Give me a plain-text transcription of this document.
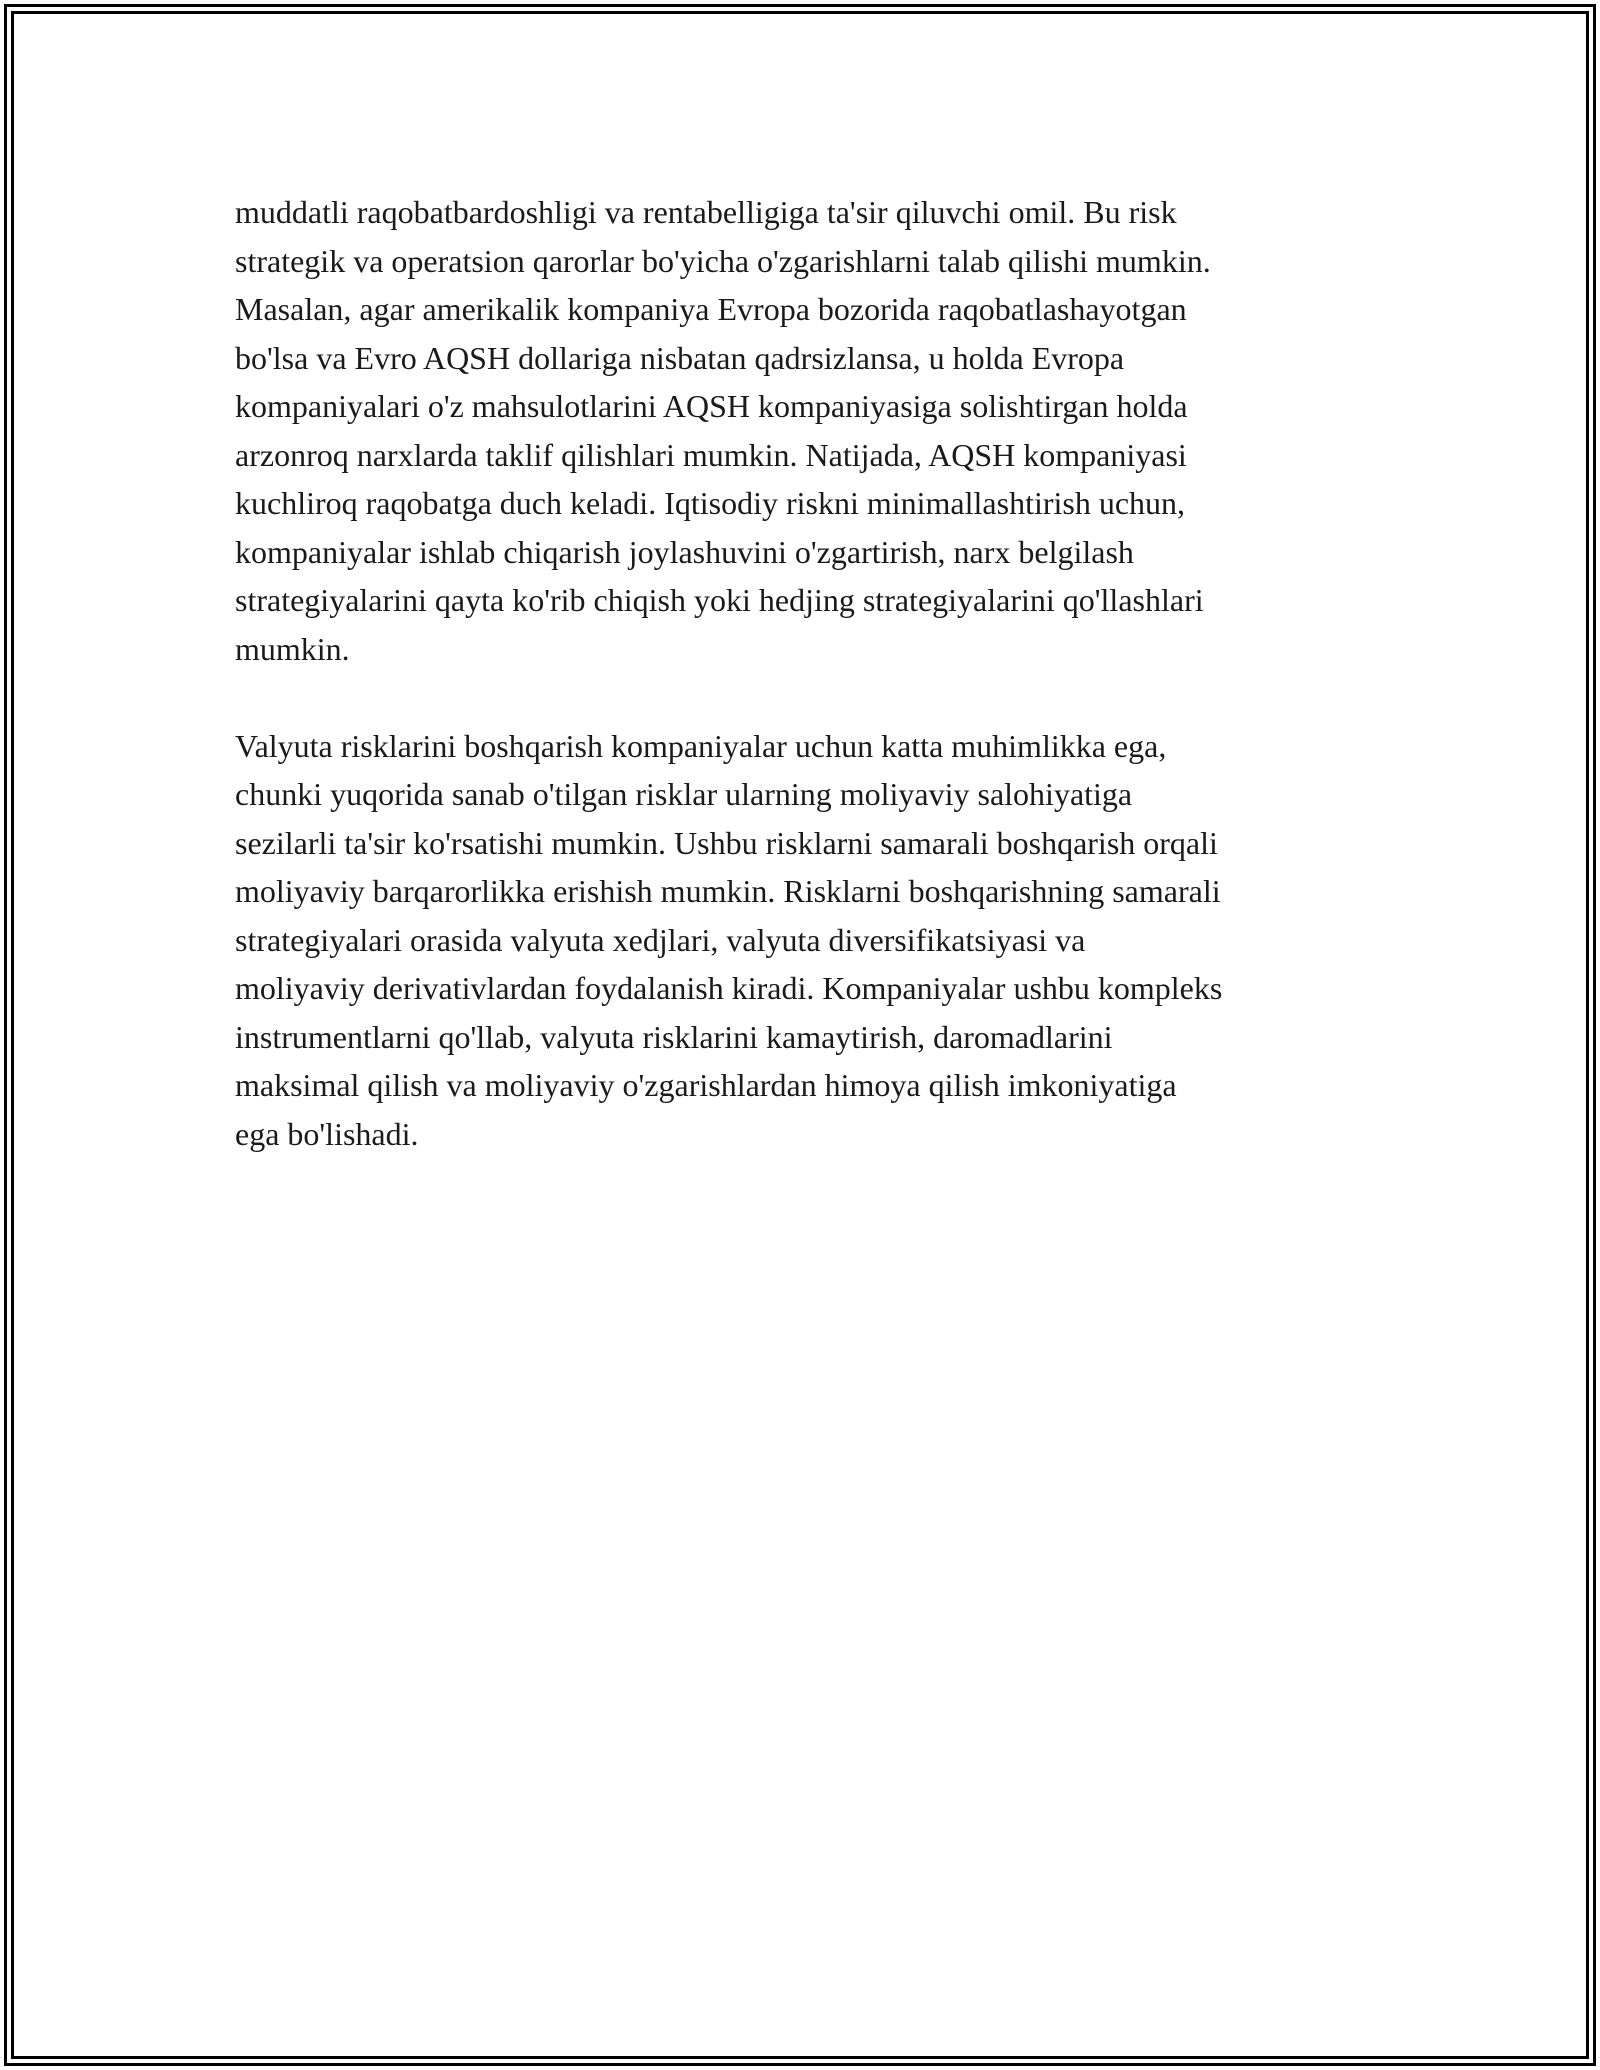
muddatli raqobatbardoshligi va rentabelligiga ta'sir qiluvchi omil. Bu risk
strategik va operatsion qarorlar bo'yicha o'zgarishlarni talab qilishi mumkin.
Masalan, agar amerikalik kompaniya Evropa bozorida raqobatlashayotgan
bo'lsa va Evro AQSH dollariga nisbatan qadrsizlansa, u holda Evropa
kompaniyalari o'z mahsulotlarini AQSH kompaniyasiga solishtirgan holda
arzonroq narxlarda taklif qilishlari mumkin. Natijada, AQSH kompaniyasi
kuchliroq raqobatga duch keladi. Iqtisodiy riskni minimallashtirish uchun,
kompaniyalar ishlab chiqarish joylashuvini o'zgartirish, narx belgilash
strategiyalarini qayta ko'rib chiqish yoki hedjing strategiyalarini qo'llashlari
mumkin.

Valyuta risklarini boshqarish kompaniyalar uchun katta muhimlikka ega,
chunki yuqorida sanab o'tilgan risklar ularning moliyaviy salohiyatiga
sezilarli ta'sir ko'rsatishi mumkin. Ushbu risklarni samarali boshqarish orqali
moliyaviy barqarorlikka erishish mumkin. Risklarni boshqarishning samarali
strategiyalari orasida valyuta xedjlari, valyuta diversifikatsiyasi va
moliyaviy derivativlardan foydalanish kiradi. Kompaniyalar ushbu kompleks
instrumentlarni qo'llab, valyuta risklarini kamaytirish, daromadlarini
maksimal qilish va moliyaviy o'zgarishlardan himoya qilish imkoniyatiga
ega bo'lishadi.
